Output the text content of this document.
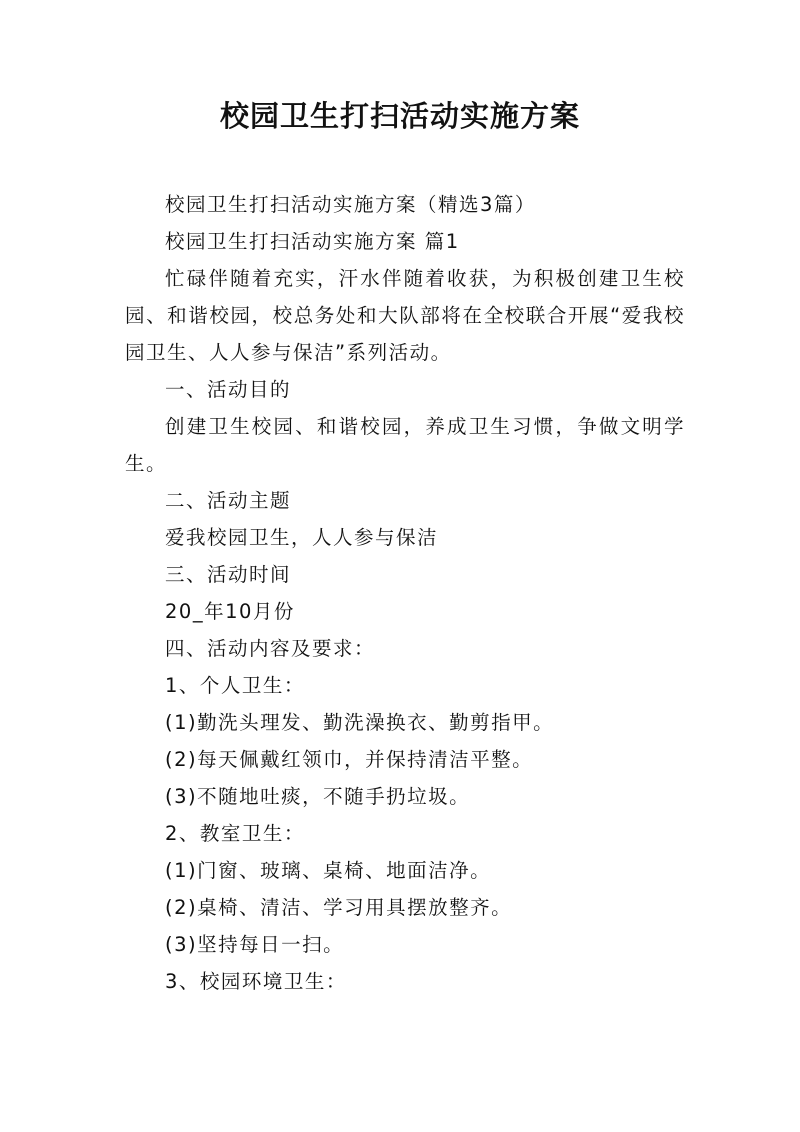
校园卫生打扫活动实施方案

校园卫生打扫活动实施方案（精选3篇）

校园卫生打扫活动实施方案 篇1

忙碌伴随着充实，汗水伴随着收获，为积极创建卫生校园、和谐校园，校总务处和大队部将在全校联合开展“爱我校园卫生、人人参与保洁”系列活动。

一、活动目的

创建卫生校园、和谐校园，养成卫生习惯，争做文明学生。

二、活动主题

爱我校园卫生，人人参与保洁

三、活动时间

20_年10月份

四、活动内容及要求：

1、个人卫生：

(1)勤洗头理发、勤洗澡换衣、勤剪指甲。

(2)每天佩戴红领巾，并保持清洁平整。

(3)不随地吐痰，不随手扔垃圾。

2、教室卫生：

(1)门窗、玻璃、桌椅、地面洁净。

(2)桌椅、清洁、学习用具摆放整齐。

(3)坚持每日一扫。

3、校园环境卫生：
